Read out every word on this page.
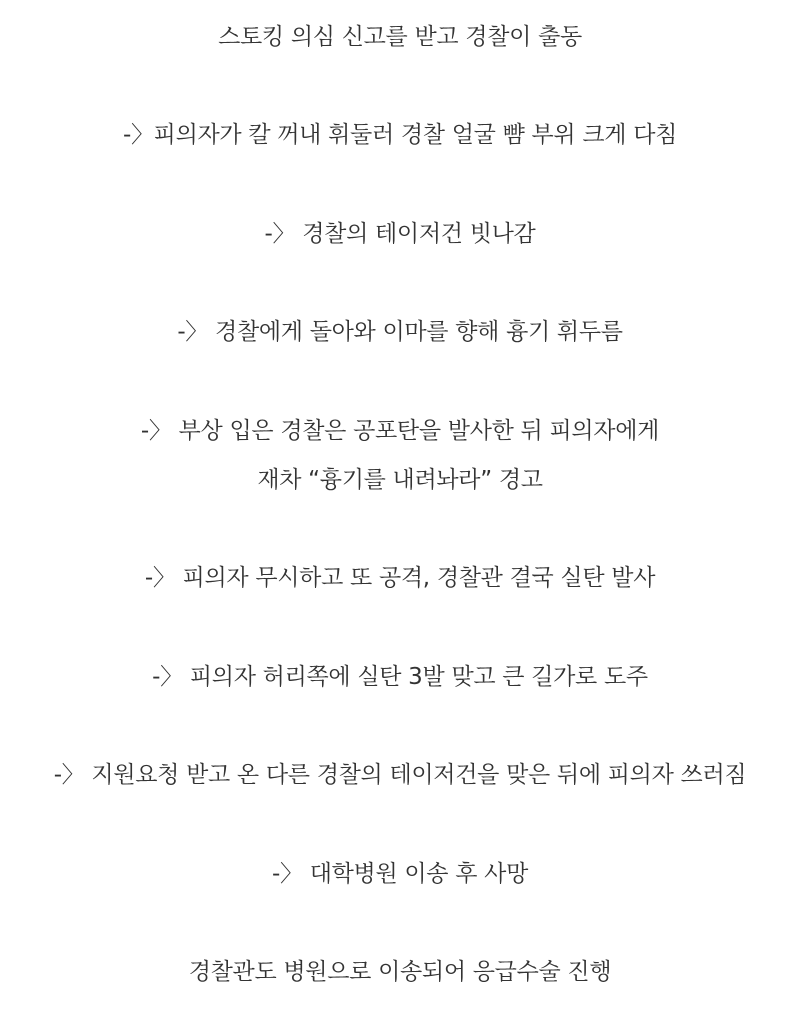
스토킹 의심 신고를 받고 경찰이 출동
-〉피의자가 칼 꺼내 휘둘러 경찰 얼굴 뺨 부위 크게 다침
-〉 경찰의 테이저건 빗나감
-〉 경찰에게 돌아와 이마를 향해 흉기 휘두름
-〉 부상 입은 경찰은 공포탄을 발사한 뒤 피의자에게
재차 “흉기를 내려놔라” 경고
-〉 피의자 무시하고 또 공격, 경찰관 결국 실탄 발사
-〉 피의자 허리쪽에 실탄 3발 맞고 큰 길가로 도주
-〉 지원요청 받고 온 다른 경찰의 테이저건을 맞은 뒤에 피의자 쓰러짐
-〉 대학병원 이송 후 사망
경찰관도 병원으로 이송되어 응급수술 진행
